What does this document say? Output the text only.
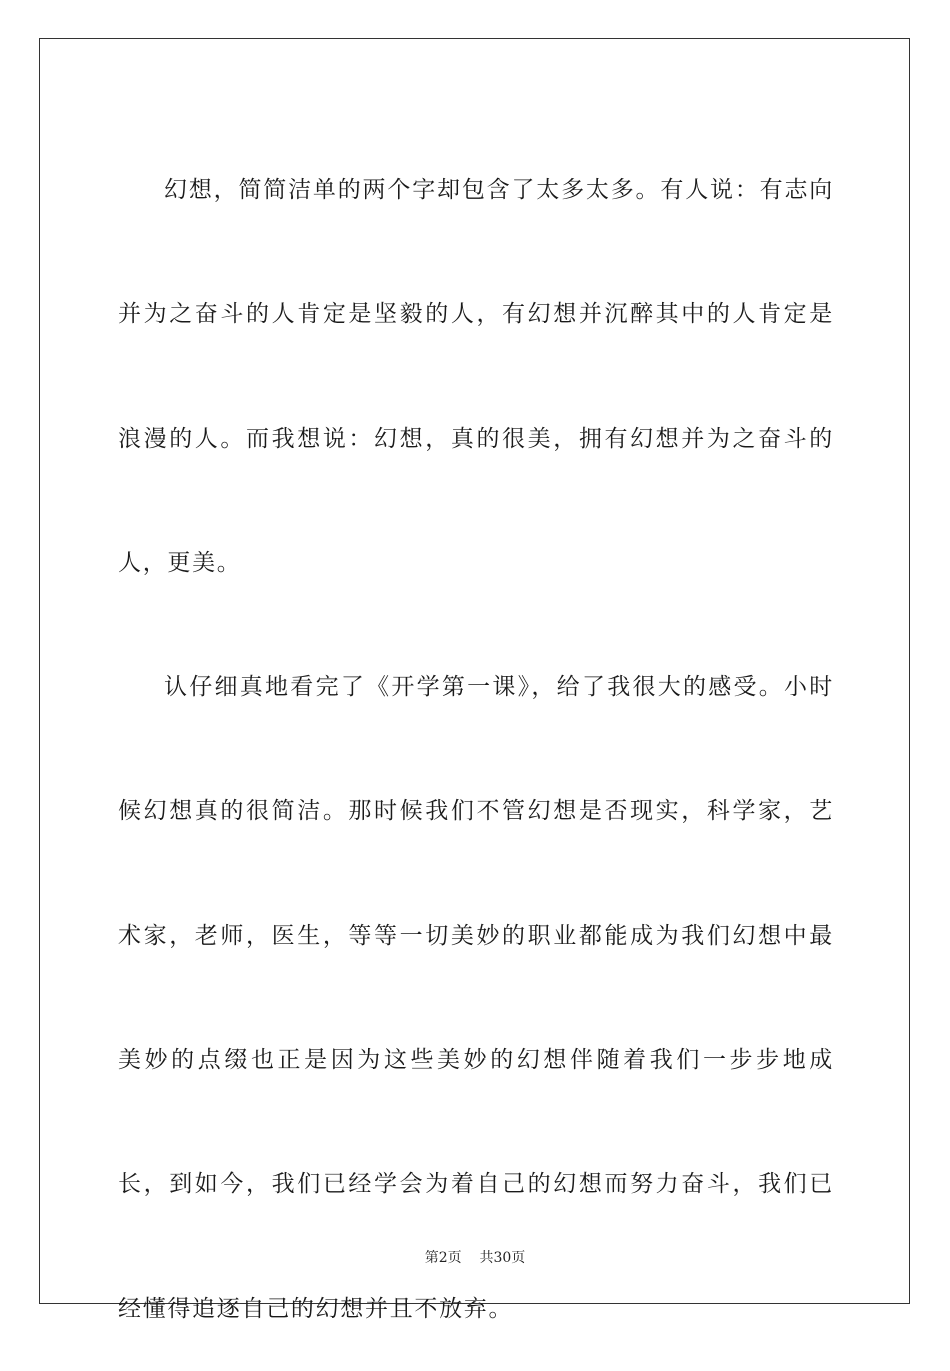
幻想，简简洁单的两个字却包含了太多太多。有人说：有志向并为之奋斗的人肯定是坚毅的人，有幻想并沉醉其中的人肯定是浪漫的人。而我想说：幻想，真的很美，拥有幻想并为之奋斗的人，更美。

认仔细真地看完了《开学第一课》，给了我很大的感受。小时候幻想真的很简洁。那时候我们不管幻想是否现实，科学家，艺术家，老师，医生，等等一切美妙的职业都能成为我们幻想中最美妙的点缀也正是因为这些美妙的幻想伴随着我们一步步地成长，到如今，我们已经学会为着自己的幻想而努力奋斗，我们已经懂得追逐自己的幻想并且不放弃。

第2页 共30页
